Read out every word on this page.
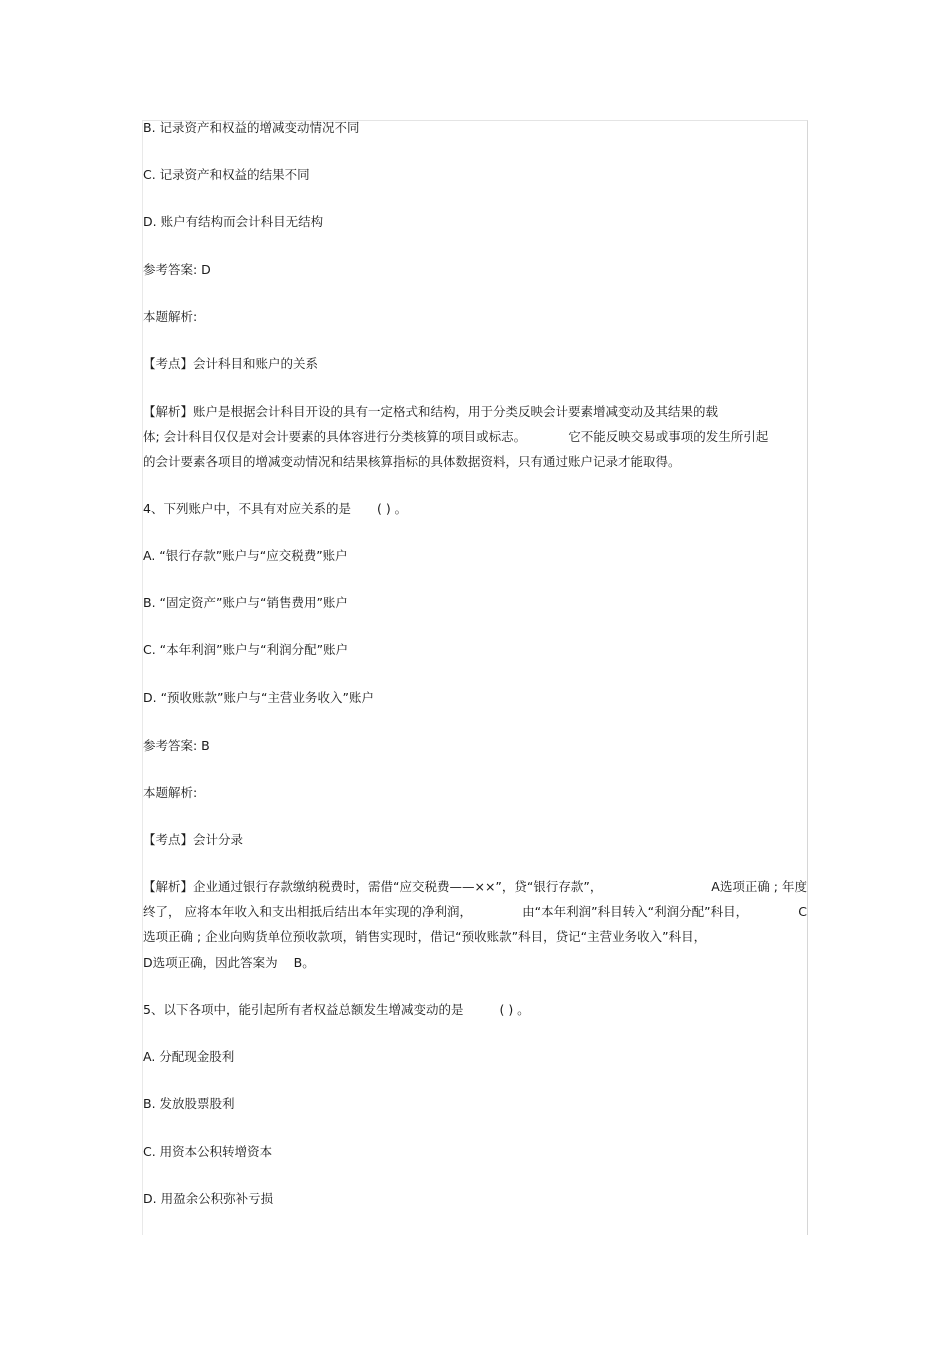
B. 记录资产和权益的增减变动情况不同

C. 记录资产和权益的结果不同

D. 账户有结构而会计科目无结构

参考答案: D

本题解析:

【考点】会计科目和账户的关系

【解析】账户是根据会计科目开设的具有一定格式和结构，用于分类反映会计要素增减变动及其结果的载

体; 会计科目仅仅是对会计要素的具体容进行分类核算的项目或标志。	它不能反映交易或事项的发生所引起

的会计要素各项目的增减变动情况和结果核算指标的具体数据资料，只有通过账户记录才能取得。

4、下列账户中，不具有对应关系的是 ( ) 。

A. “银行存款”账户与“应交税费”账户

B. “固定资产”账户与“销售费用”账户

C. “本年利润”账户与“利润分配”账户

D. “预收账款”账户与“主营业务收入”账户

参考答案: B

本题解析:

【考点】会计分录

【解析】企业通过银行存款缴纳税费时，需借“应交税费——××”，贷“银行存款”，	A选项正确 ; 年度
终了， 应将本年收入和支出相抵后结出本年实现的净利润，	由“本年利润”科目转入“利润分配”科目，	C

选项正确 ; 企业向购货单位预收款项，销售实现时，借记“预收账款”科目，贷记“主营业务收入”科目，

D选项正确，因此答案为 B。
5、以下各项中，能引起所有者权益总额发生增减变动的是	( ) 。

A. 分配现金股利

B. 发放股票股利

C. 用资本公积转增资本

D. 用盈余公积弥补亏损
